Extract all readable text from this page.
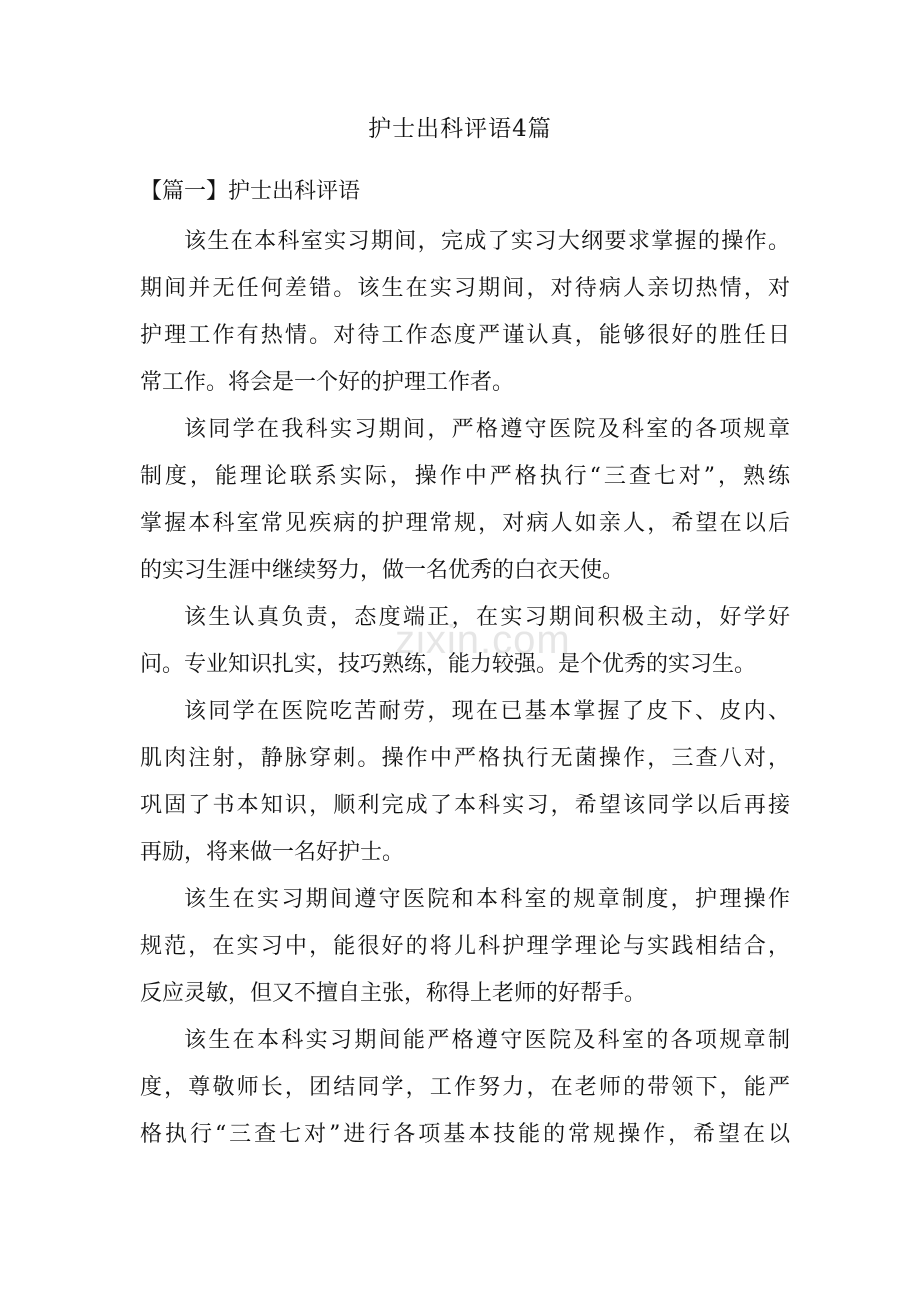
zixin.com
护士出科评语4篇
【篇一】护士出科评语
该生在本科室实习期间，完成了实习大纲要求掌握的操作。
期间并无任何差错。该生在实习期间，对待病人亲切热情，对
护理工作有热情。对待工作态度严谨认真，能够很好的胜任日
常工作。将会是一个好的护理工作者。
该同学在我科实习期间，严格遵守医院及科室的各项规章
制度，能理论联系实际，操作中严格执行“三查七对”，熟练
掌握本科室常见疾病的护理常规，对病人如亲人，希望在以后
的实习生涯中继续努力，做一名优秀的白衣天使。
该生认真负责，态度端正，在实习期间积极主动，好学好
问。专业知识扎实，技巧熟练，能力较强。是个优秀的实习生。
该同学在医院吃苦耐劳，现在已基本掌握了皮下、皮内、
肌肉注射，静脉穿刺。操作中严格执行无菌操作，三查八对，
巩固了书本知识，顺利完成了本科实习，希望该同学以后再接
再励，将来做一名好护士。
该生在实习期间遵守医院和本科室的规章制度，护理操作
规范，在实习中，能很好的将儿科护理学理论与实践相结合，
反应灵敏，但又不擅自主张，称得上老师的好帮手。
该生在本科实习期间能严格遵守医院及科室的各项规章制
度，尊敬师长，团结同学，工作努力，在老师的带领下，能严
格执行“三查七对”进行各项基本技能的常规操作，希望在以
